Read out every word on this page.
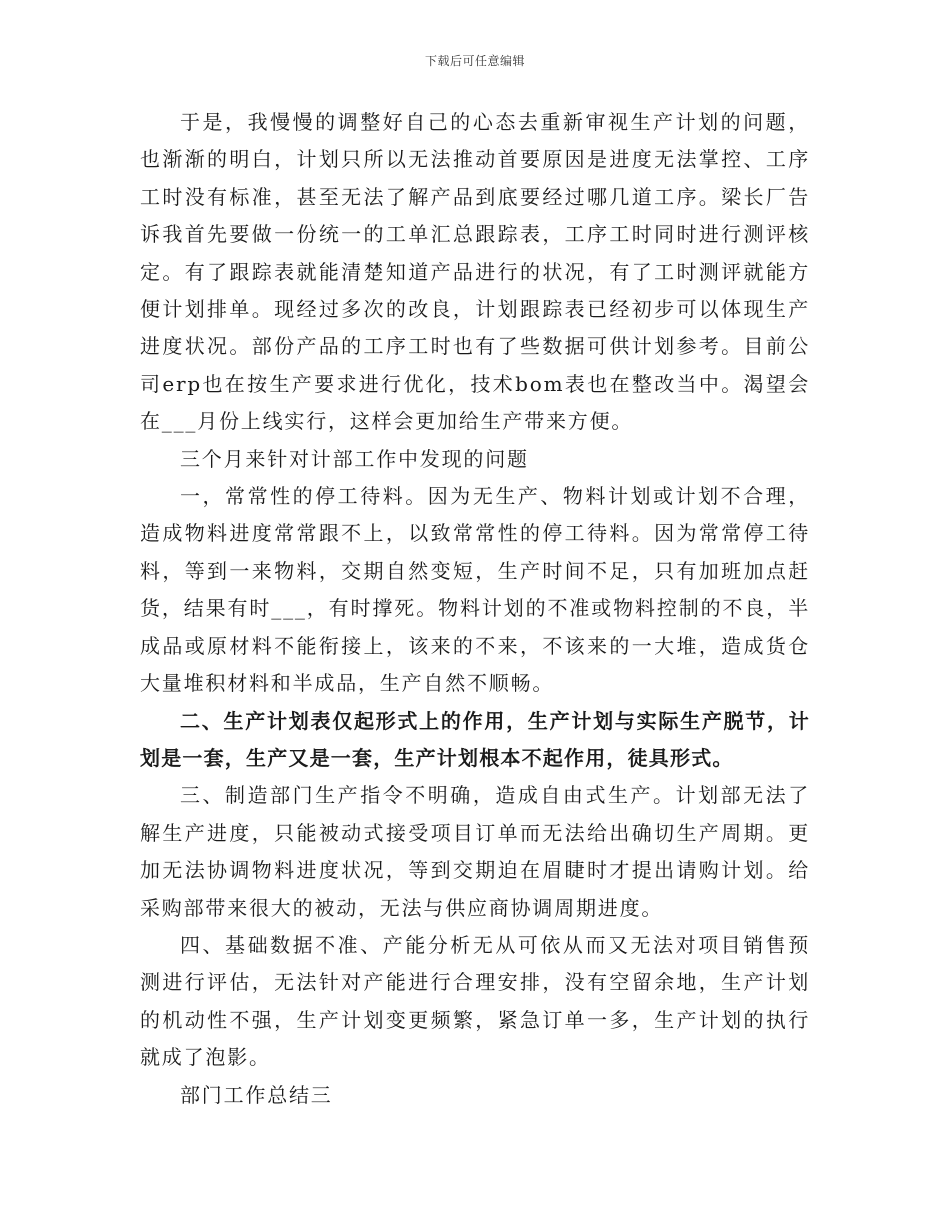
下载后可任意编辑

于是，我慢慢的调整好自己的心态去重新审视生产计划的问题，也渐渐的明白，计划只所以无法推动首要原因是进度无法掌控、工序工时没有标准，甚至无法了解产品到底要经过哪几道工序。梁长厂告诉我首先要做一份统一的工单汇总跟踪表，工序工时同时进行测评核定。有了跟踪表就能清楚知道产品进行的状况，有了工时测评就能方便计划排单。现经过多次的改良，计划跟踪表已经初步可以体现生产进度状况。部份产品的工序工时也有了些数据可供计划参考。目前公司erp也在按生产要求进行优化，技术bom表也在整改当中。渴望会在___月份上线实行，这样会更加给生产带来方便。

三个月来针对计部工作中发现的问题

一，常常性的停工待料。因为无生产、物料计划或计划不合理，造成物料进度常常跟不上，以致常常性的停工待料。因为常常停工待料，等到一来物料，交期自然变短，生产时间不足，只有加班加点赶货，结果有时___，有时撑死。物料计划的不准或物料控制的不良，半成品或原材料不能衔接上，该来的不来，不该来的一大堆，造成货仓大量堆积材料和半成品，生产自然不顺畅。

二、生产计划表仅起形式上的作用，生产计划与实际生产脱节，计划是一套，生产又是一套，生产计划根本不起作用，徒具形式。

三、制造部门生产指令不明确，造成自由式生产。计划部无法了解生产进度，只能被动式接受项目订单而无法给出确切生产周期。更加无法协调物料进度状况，等到交期迫在眉睫时才提出请购计划。给采购部带来很大的被动，无法与供应商协调周期进度。

四、基础数据不准、产能分析无从可依从而又无法对项目销售预测进行评估，无法针对产能进行合理安排，没有空留余地，生产计划的机动性不强，生产计划变更频繁，紧急订单一多，生产计划的执行就成了泡影。

部门工作总结三
